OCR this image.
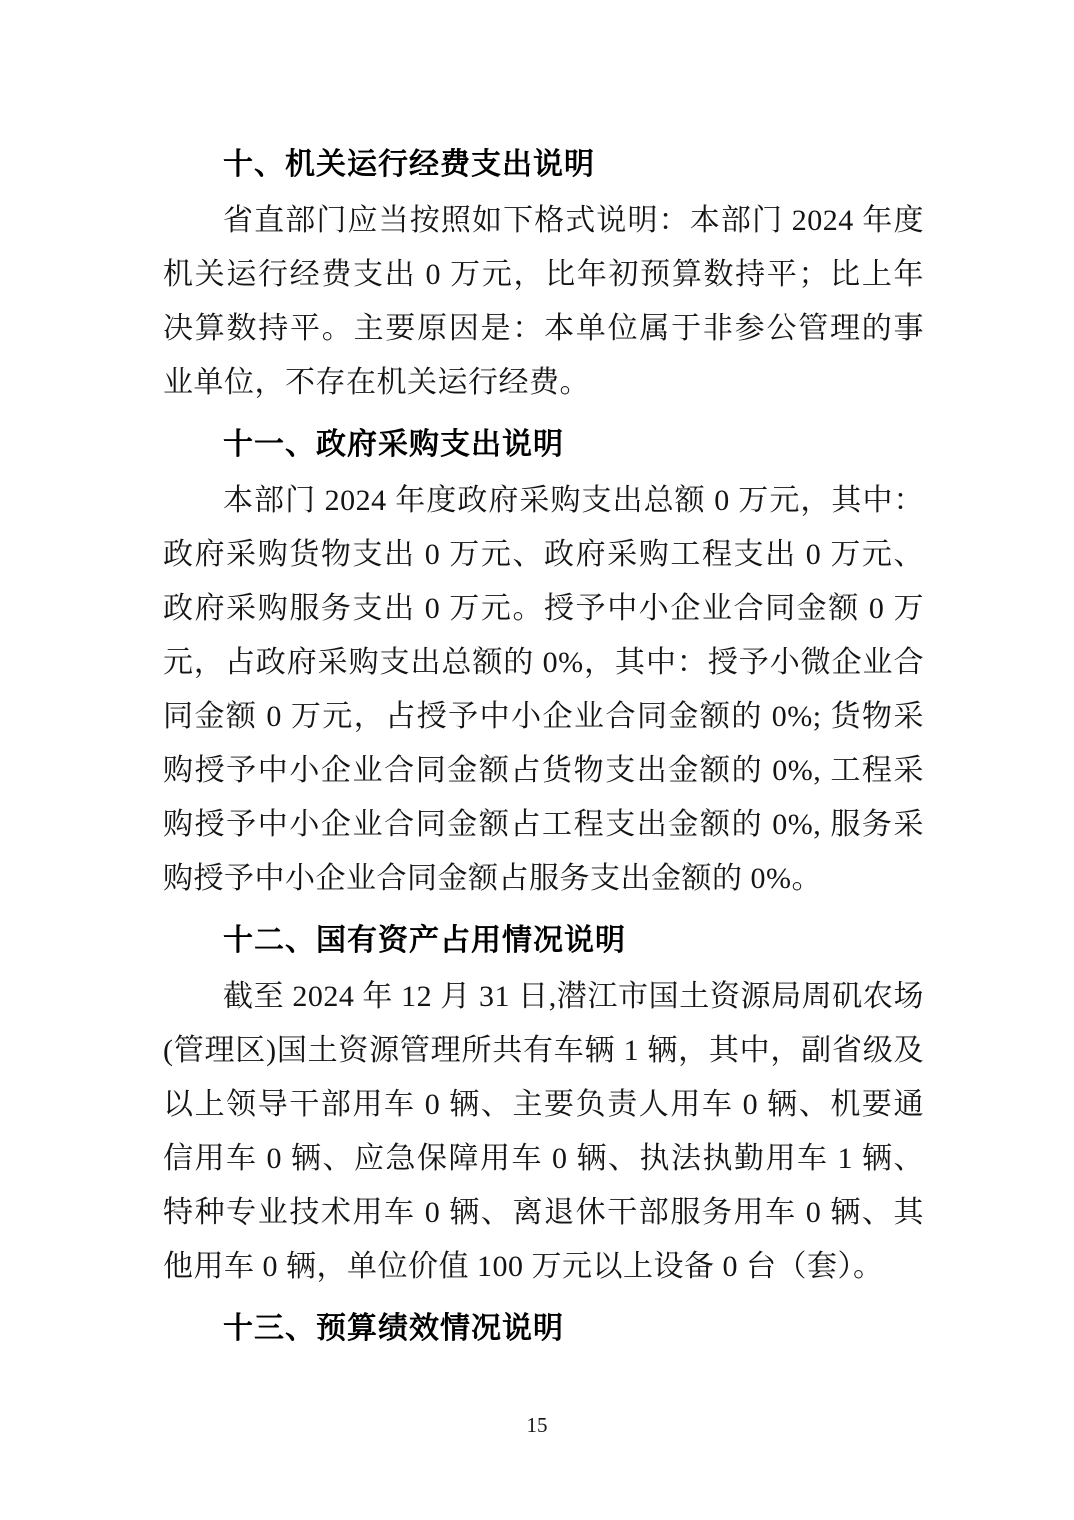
十、机关运行经费支出说明

省直部门应当按照如下格式说明：本部门 2024 年度机关运行经费支出 0 万元，比年初预算数持平；比上年决算数持平。主要原因是：本单位属于非参公管理的事业单位，不存在机关运行经费。

十一、政府采购支出说明

本部门 2024 年度政府采购支出总额 0 万元，其中：政府采购货物支出 0 万元、政府采购工程支出 0 万元、政府采购服务支出 0 万元。授予中小企业合同金额 0 万元，占政府采购支出总额的 0%，其中：授予小微企业合同金额 0 万元，占授予中小企业合同金额的 0%; 货物采购授予中小企业合同金额占货物支出金额的 0%, 工程采购授予中小企业合同金额占工程支出金额的 0%, 服务采购授予中小企业合同金额占服务支出金额的 0%。

十二、国有资产占用情况说明

截至 2024 年 12 月 31 日,潜江市国土资源局周矶农场(管理区)国土资源管理所共有车辆 1 辆，其中，副省级及以上领导干部用车 0 辆、主要负责人用车 0 辆、机要通信用车 0 辆、应急保障用车 0 辆、执法执勤用车 1 辆、特种专业技术用车 0 辆、离退休干部服务用车 0 辆、其他用车 0 辆，单位价值 100 万元以上设备 0 台（套）。

十三、预算绩效情况说明
15
